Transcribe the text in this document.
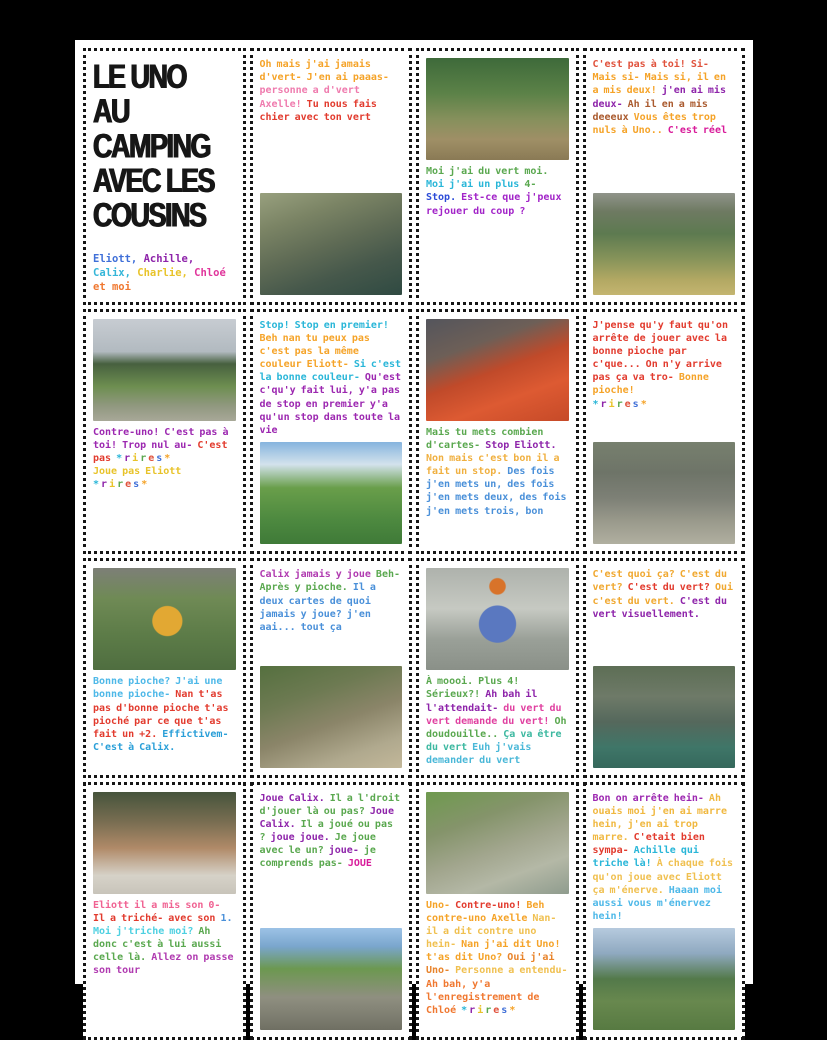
LE UNO
AU CAMPING
AVEC LES
COUSINS
Eliott, Achille, Calix, Charlie, Chloé et moi
Oh mais j'ai jamais d'vert- J'en ai paaas- personne a d'vert Axelle! Tu nous fais chier avec ton vert
Moi j'ai du vert moi. Moi j'ai un plus 4- Stop. Est-ce que j'peux rejouer du coup ?
C'est pas à toi! Si- Mais si- Mais si, il en a mis deux! j'en ai mis deux- Ah il en a mis deeeux Vous êtes trop nuls à Uno.. C'est réel
Contre-uno! C'est pas à toi! Trop nul au- C'est pas *rires*
Joue pas Eliott
*rires*
Stop! Stop en premier! Beh nan tu peux pas c'est pas la même couleur Eliott- Si c'est la bonne couleur- Qu'est c'qu'y fait lui, y'a pas de stop en premier y'a qu'un stop dans toute la vie	Mais tu mets combien d'cartes- Stop Eliott. Non mais c'est bon il a fait un stop. Des fois j'en mets un, des fois j'en mets deux, des fois j'en mets trois, bon
J'pense qu'y faut qu'on arrête de jouer avec la bonne pioche par c'que... On n'y arrive pas ça va tro- Bonne pioche!
*rires*
Bonne pioche? J'ai une bonne pioche- Nan t'as pas d'bonne pioche t'as pioché par ce que t'as fait un +2. Effictivem- C'est à Calix.
Calix jamais y joue Beh- Après y pioche. Il a deux cartes de quoi jamais y joue? j'en aai... tout ça
À moooi. Plus 4! Sérieux?! Ah bah il l'attendait- du vert du vert demande du vert! Oh doudouille.. Ça va être du vert Euh j'vais demander du vert
C'est quoi ça? C'est du vert? C'est du vert? Oui c'est du vert. C'est du vert visuellement.
Eliott il a mis son 0- Il a triché- avec son 1. Moi j'triche moi? Ah donc c'est à lui aussi celle là. Allez on passe son tour
Joue Calix. Il a l'droit d'jouer là ou pas? Joue Calix. Il a joué ou pas ? joue joue. Je joue avec le un? joue- je comprends pas- JOUE
Uno- Contre-uno! Beh contre-uno Axelle Nan- il a dit contre uno hein- Nan j'ai dit Uno! t'as dit Uno? Oui j'ai Uno- Personne a entendu- Ah bah, y'a l'enregistrement de Chloé *rires*
Bon on arrête hein- Ah ouais moi j'en ai marre hein, j'en ai trop marre. C'etait bien sympa- Achille qui triche là! À chaque fois qu'on joue avec Eliott ça m'énerve. Haaan moi aussi vous m'énervez hein!
